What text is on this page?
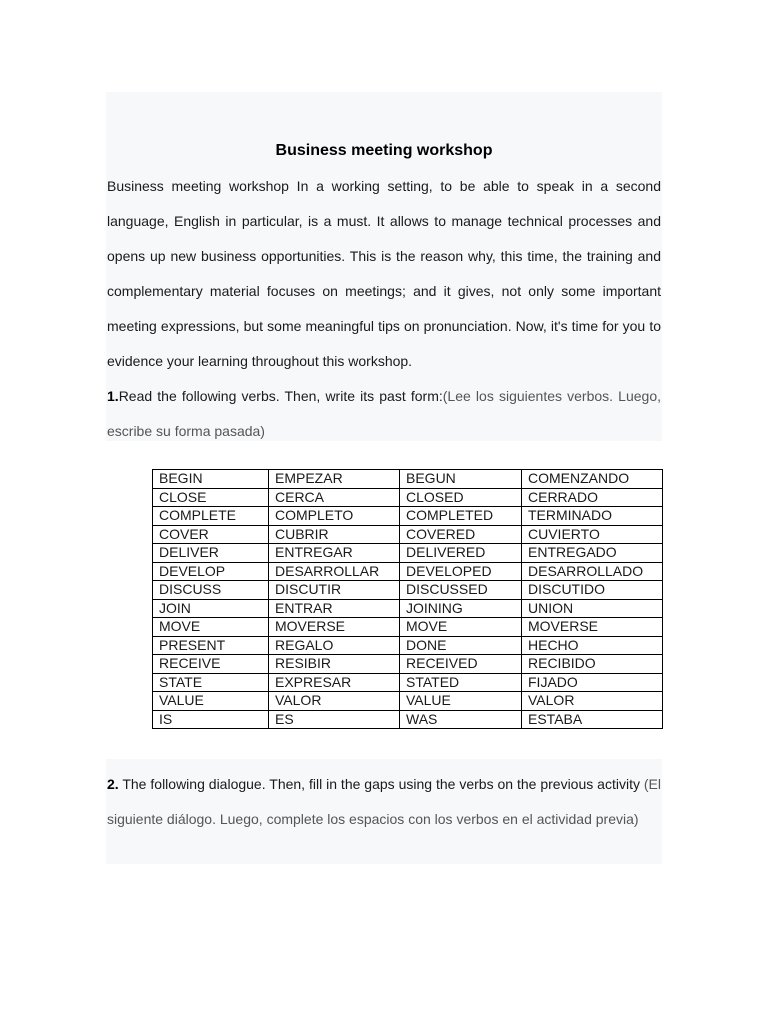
Business meeting workshop

Business meeting workshop In a working setting, to be able to speak in a second language, English in particular, is a must. It allows to manage technical processes and opens up new business opportunities. This is the reason why, this time, the training and complementary material focuses on meetings; and it gives, not only some important meeting expressions, but some meaningful tips on pronunciation. Now, it's time for you to evidence your learning throughout this workshop.

1.Read the following verbs. Then, write its past form:(Lee los siguientes verbos. Luego, escribe su forma pasada)

BEGIN	EMPEZAR	BEGUN	COMENZANDO
CLOSE	CERCA	CLOSED	CERRADO
COMPLETE	COMPLETO	COMPLETED	TERMINADO
COVER	CUBRIR	COVERED	CUVIERTO
DELIVER	ENTREGAR	DELIVERED	ENTREGADO
DEVELOP	DESARROLLAR	DEVELOPED	DESARROLLADO
DISCUSS	DISCUTIR	DISCUSSED	DISCUTIDO
JOIN	ENTRAR	JOINING	UNION
MOVE	MOVERSE	MOVE	MOVERSE
PRESENT	REGALO	DONE	HECHO
RECEIVE	RESIBIR	RECEIVED	RECIBIDO
STATE	EXPRESAR	STATED	FIJADO
VALUE	VALOR	VALUE	VALOR
IS	ES	WAS	ESTABA

2. The following dialogue. Then, fill in the gaps using the verbs on the previous activity (El siguiente diálogo. Luego, complete los espacios con los verbos en el actividad previa)
